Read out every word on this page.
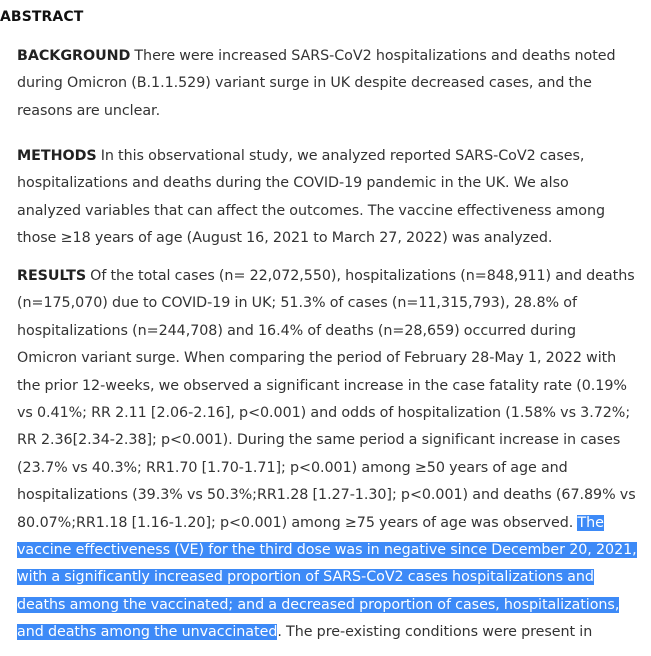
ABSTRACT

BACKGROUND There were increased SARS-CoV2 hospitalizations and deaths noted
during Omicron (B.1.1.529) variant surge in UK despite decreased cases, and the
reasons are unclear.

METHODS In this observational study, we analyzed reported SARS-CoV2 cases,
hospitalizations and deaths during the COVID-19 pandemic in the UK. We also
analyzed variables that can affect the outcomes. The vaccine effectiveness among
those ≥18 years of age (August 16, 2021 to March 27, 2022) was analyzed.

RESULTS Of the total cases (n= 22,072,550), hospitalizations (n=848,911) and deaths
(n=175,070) due to COVID-19 in UK; 51.3% of cases (n=11,315,793), 28.8% of
hospitalizations (n=244,708) and 16.4% of deaths (n=28,659) occurred during
Omicron variant surge. When comparing the period of February 28-May 1, 2022 with
the prior 12-weeks, we observed a significant increase in the case fatality rate (0.19%
vs 0.41%; RR 2.11 [2.06-2.16], p<0.001) and odds of hospitalization (1.58% vs 3.72%;
RR 2.36[2.34-2.38]; p<0.001). During the same period a significant increase in cases
(23.7% vs 40.3%; RR1.70 [1.70-1.71]; p<0.001) among ≥50 years of age and
hospitalizations (39.3% vs 50.3%;RR1.28 [1.27-1.30]; p<0.001) and deaths (67.89% vs
80.07%;RR1.18 [1.16-1.20]; p<0.001) among ≥75 years of age was observed. The
vaccine effectiveness (VE) for the third dose was in negative since December 20, 2021,
with a significantly increased proportion of SARS-CoV2 cases hospitalizations and
deaths among the vaccinated; and a decreased proportion of cases, hospitalizations,
and deaths among the unvaccinated. The pre-existing conditions were present in
